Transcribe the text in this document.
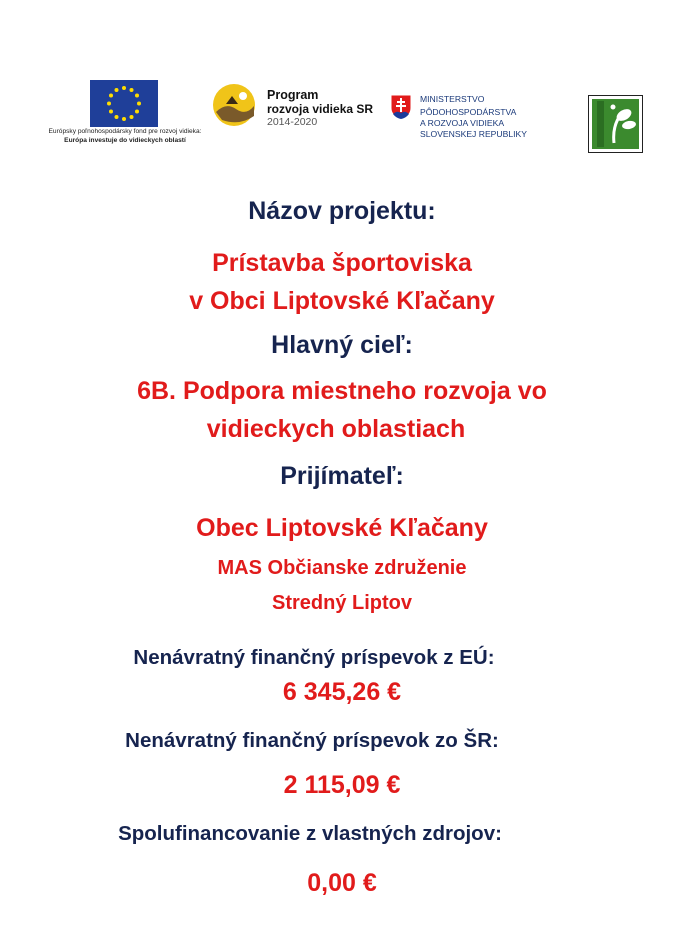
Európsky poľnohospodársky fond pre rozvoj vidieka:
Európa investuje do vidieckych oblastí
Program
rozvoja vidieka SR
2014-2020
MINISTERSTVO
PÔDOHOSPODÁRSTVA
A ROZVOJA VIDIEKA
SLOVENSKEJ REPUBLIKY
Názov projektu:

Prístavba športoviska

v Obci Liptovské Kľačany

Hlavný cieľ:

6B. Podpora miestneho rozvoja vo

vidieckych oblastiach

Prijímateľ:

Obec Liptovské Kľačany

MAS Občianske združenie

Stredný Liptov

Nenávratný finančný príspevok z EÚ:

6 345,26 €

Nenávratný finančný príspevok zo ŠR:

2 115,09 €

Spolufinancovanie z vlastných zdrojov:

0,00 €
